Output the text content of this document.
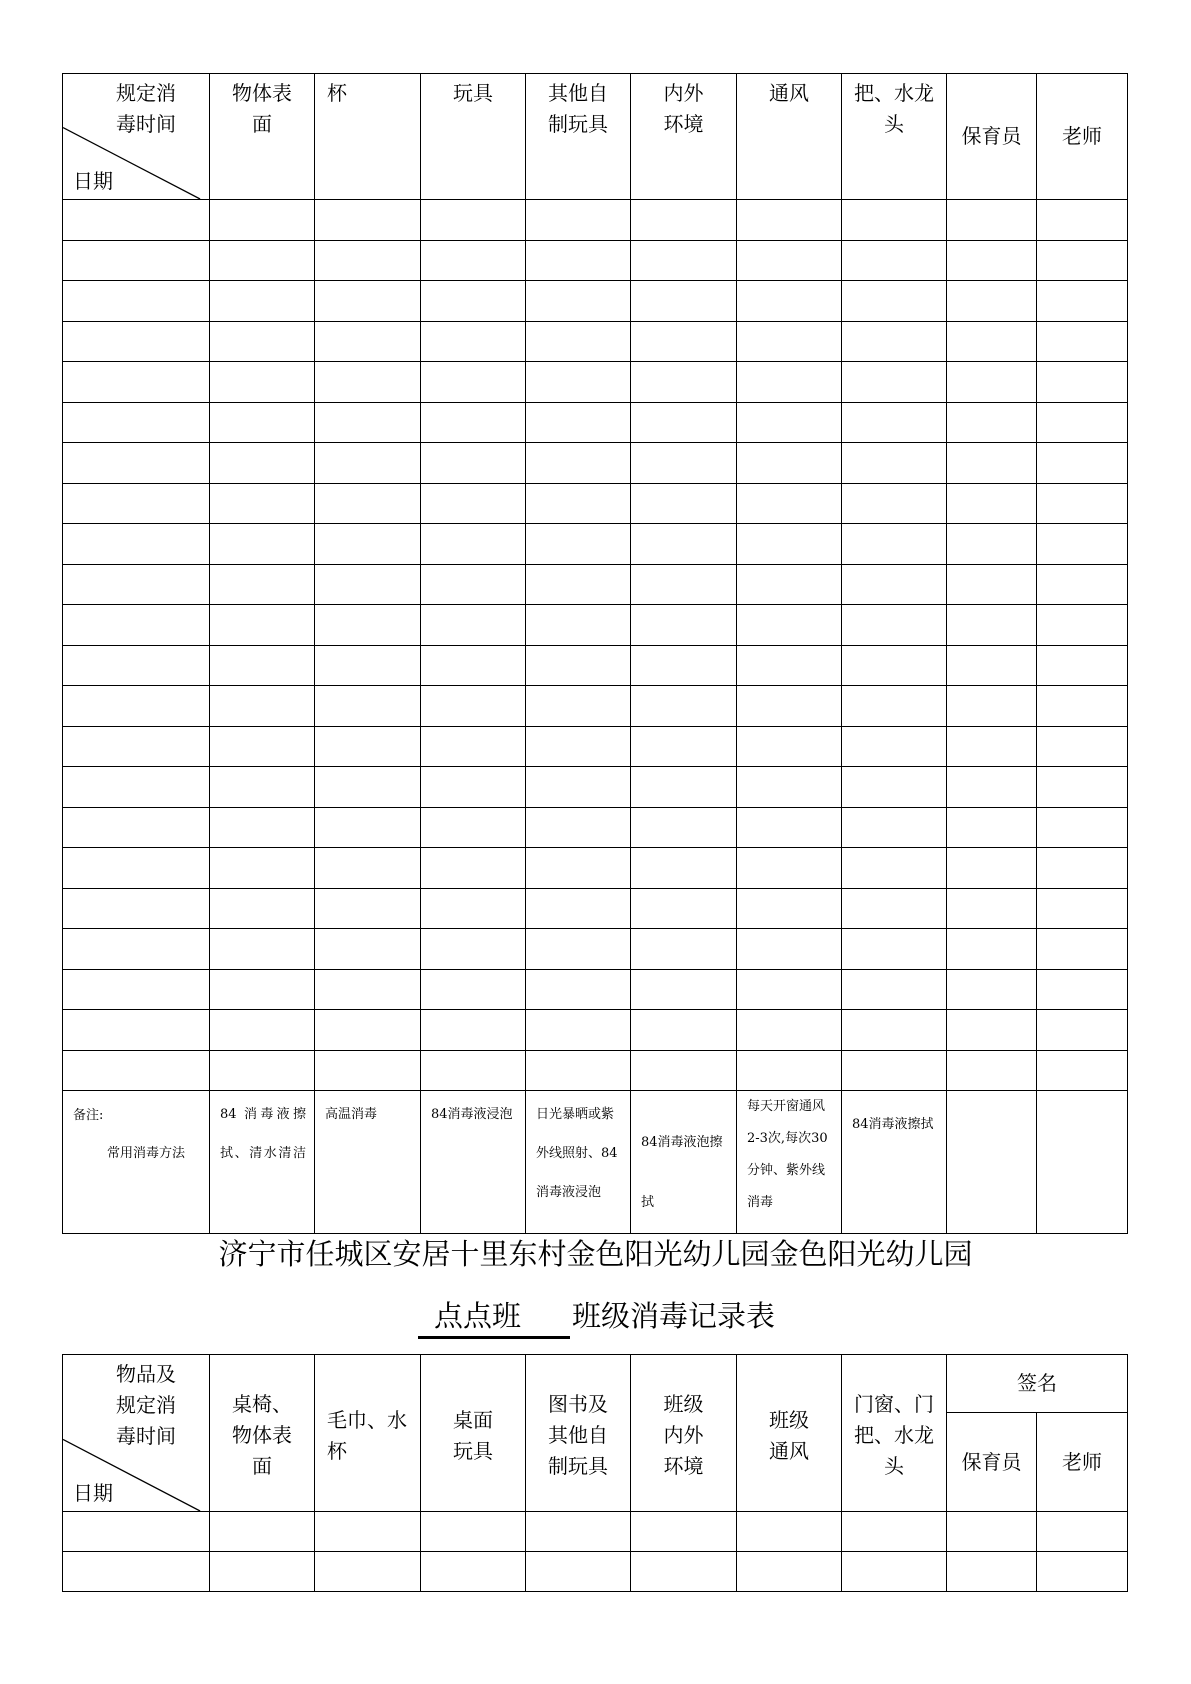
规定消毒时间
日期	物体表面	杯	玩具	其他自制玩具	内外环境	通风	把、水龙头	保育员	老师

备注:
常用消毒方法	84 消毒液擦拭、清水清洁	高温消毒	84消毒液浸泡	日光暴晒或紫外线照射、84消毒液浸泡	84消毒液泡擦拭	每天开窗通风2-3次,每次30分钟、紫外线消毒	84消毒液擦拭		
济宁市任城区安居十里东村金色阳光幼儿园金色阳光幼儿园
点点班 班级消毒记录表
物品及规定消毒时间
日期	桌椅、物体表面	毛巾、水杯	桌面玩具	图书及其他自制玩具	班级内外环境	班级通风	门窗、门把、水龙头	签名	
								保育员	老师
